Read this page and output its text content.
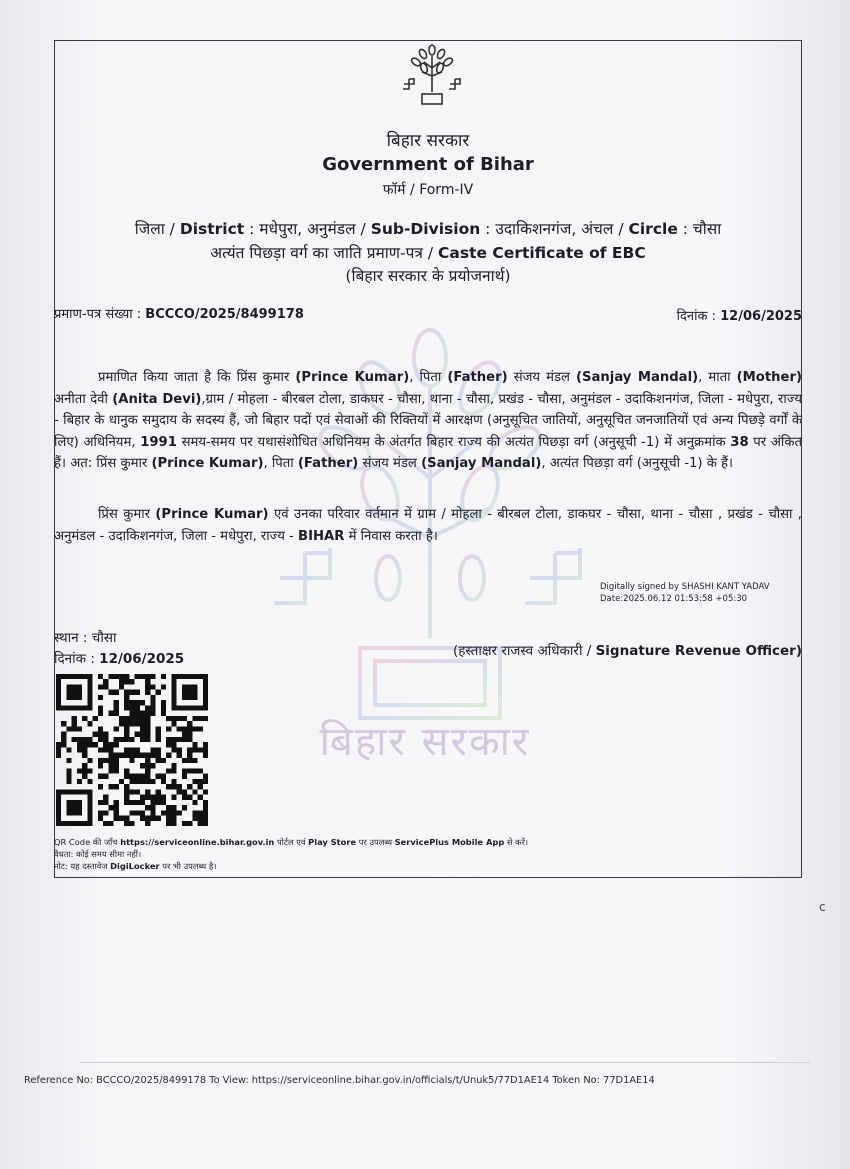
बिहार सरकार
बिहार सरकार
Government of Bihar
फॉर्म / Form-IV
जिला / District : मधेपुरा, अनुमंडल / Sub-Division : उदाकिशनगंज, अंचल / Circle : चौसा
अत्यंत पिछड़ा वर्ग का जाति प्रमाण-पत्र / Caste Certificate of EBC
(बिहार सरकार के प्रयोजनार्थ)
प्रमाण-पत्र संख्या : BCCCO/2025/8499178	दिनांक : 12/06/2025
प्रमाणित किया जाता है कि प्रिंस कुमार (Prince Kumar), पिता (Father) संजय मंडल (Sanjay Mandal), माता (Mother) अनीता देवी (Anita Devi),ग्राम / मोहला - बीरबल टोला, डाकघर - चौसा, थाना - चौसा, प्रखंड - चौसा, अनुमंडल - उदाकिशनगंज, जिला - मधेपुरा, राज्य - बिहार के धानुक समुदाय के सदस्य हैं, जो बिहार पदों एवं सेवाओं की रिक्तियों में आरक्षण (अनुसूचित जातियों, अनुसूचित जनजातियों एवं अन्य पिछड़े वर्गों के लिए) अधिनियम, 1991 समय-समय पर यथासंशोधित अधिनियम के अंतर्गत बिहार राज्य की अत्यंत पिछड़ा वर्ग (अनुसूची -1) में अनुक्रमांक 38 पर अंकित हैं। अत: प्रिंस कुमार (Prince Kumar), पिता (Father) संजय मंडल (Sanjay Mandal), अत्यंत पिछड़ा वर्ग (अनुसूची -1) के हैं।
प्रिंस कुमार (Prince Kumar) एवं उनका परिवार वर्तमान में ग्राम / मोहला - बीरबल टोला, डाकघर - चौसा, थाना - चौसा , प्रखंड - चौसा , अनुमंडल - उदाकिशनगंज, जिला - मधेपुरा, राज्य - BIHAR में निवास करता है।
Digitally signed by SHASHI KANT YADAV
Date:2025.06.12 01:53:58 +05:30
स्थान : चौसा
दिनांक : 12/06/2025	(हस्ताक्षर राजस्व अधिकारी / Signature Revenue Officer)
QR Code की जाँच https://serviceonline.bihar.gov.in पोर्टल एवं Play Store पर उपलब्ध ServicePlus Mobile App से करें।
वैधता: कोई समय सीमा नहीं।
नोट: यह दस्तावेज DigiLocker पर भी उपलब्ध है।
c
Reference No: BCCCO/2025/8499178 To View: https://serviceonline.bihar.gov.in/officials/t/Unuk5/77D1AE14 Token No: 77D1AE14
